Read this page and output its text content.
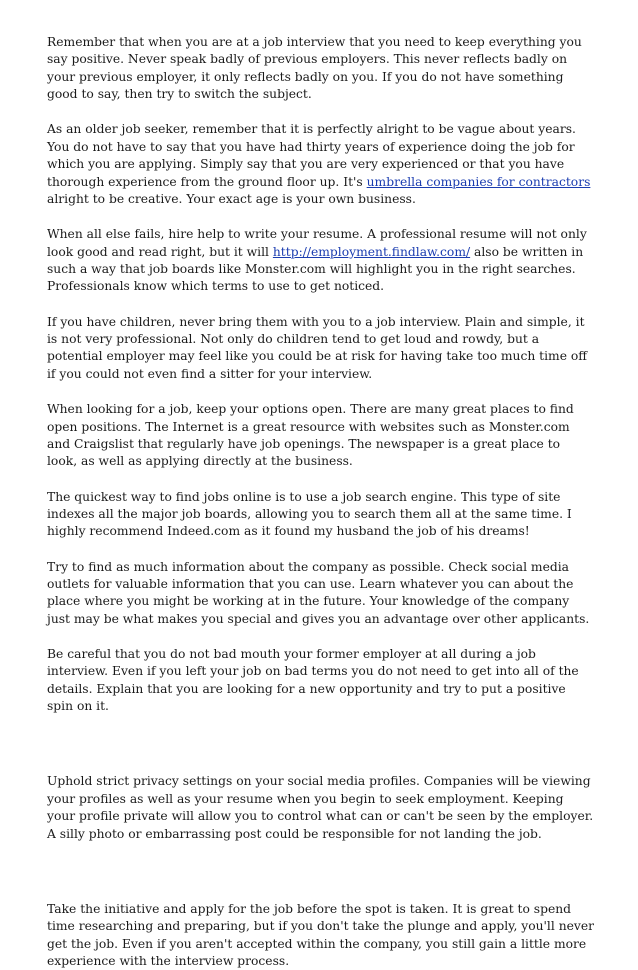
Remember that when you are at a job interview that you need to keep everything you say positive. Never speak badly of previous employers. This never reflects badly on your previous employer, it only reflects badly on you. If you do not have something good to say, then try to switch the subject.

As an older job seeker, remember that it is perfectly alright to be vague about years. You do not have to say that you have had thirty years of experience doing the job for which you are applying. Simply say that you are very experienced or that you have thorough experience from the ground floor up. It's umbrella companies for contractors alright to be creative. Your exact age is your own business.

When all else fails, hire help to write your resume. A professional resume will not only look good and read right, but it will http://employment.findlaw.com/ also be written in such a way that job boards like Monster.com will highlight you in the right searches. Professionals know which terms to use to get noticed.

If you have children, never bring them with you to a job interview. Plain and simple, it is not very professional. Not only do children tend to get loud and rowdy, but a potential employer may feel like you could be at risk for having take too much time off if you could not even find a sitter for your interview.

When looking for a job, keep your options open. There are many great places to find open positions. The Internet is a great resource with websites such as Monster.com and Craigslist that regularly have job openings. The newspaper is a great place to look, as well as applying directly at the business.

The quickest way to find jobs online is to use a job search engine. This type of site indexes all the major job boards, allowing you to search them all at the same time. I highly recommend Indeed.com as it found my husband the job of his dreams!

Try to find as much information about the company as possible. Check social media outlets for valuable information that you can use. Learn whatever you can about the place where you might be working at in the future. Your knowledge of the company just may be what makes you special and gives you an advantage over other applicants.

Be careful that you do not bad mouth your former employer at all during a job interview. Even if you left your job on bad terms you do not need to get into all of the details. Explain that you are looking for a new opportunity and try to put a positive spin on it.

Uphold strict privacy settings on your social media profiles. Companies will be viewing your profiles as well as your resume when you begin to seek employment. Keeping your profile private will allow you to control what can or can't be seen by the employer. A silly photo or embarrassing post could be responsible for not landing the job.

Take the initiative and apply for the job before the spot is taken. It is great to spend time researching and preparing, but if you don't take the plunge and apply, you'll never get the job. Even if you aren't accepted within the company, you still gain a little more experience with the interview process.
